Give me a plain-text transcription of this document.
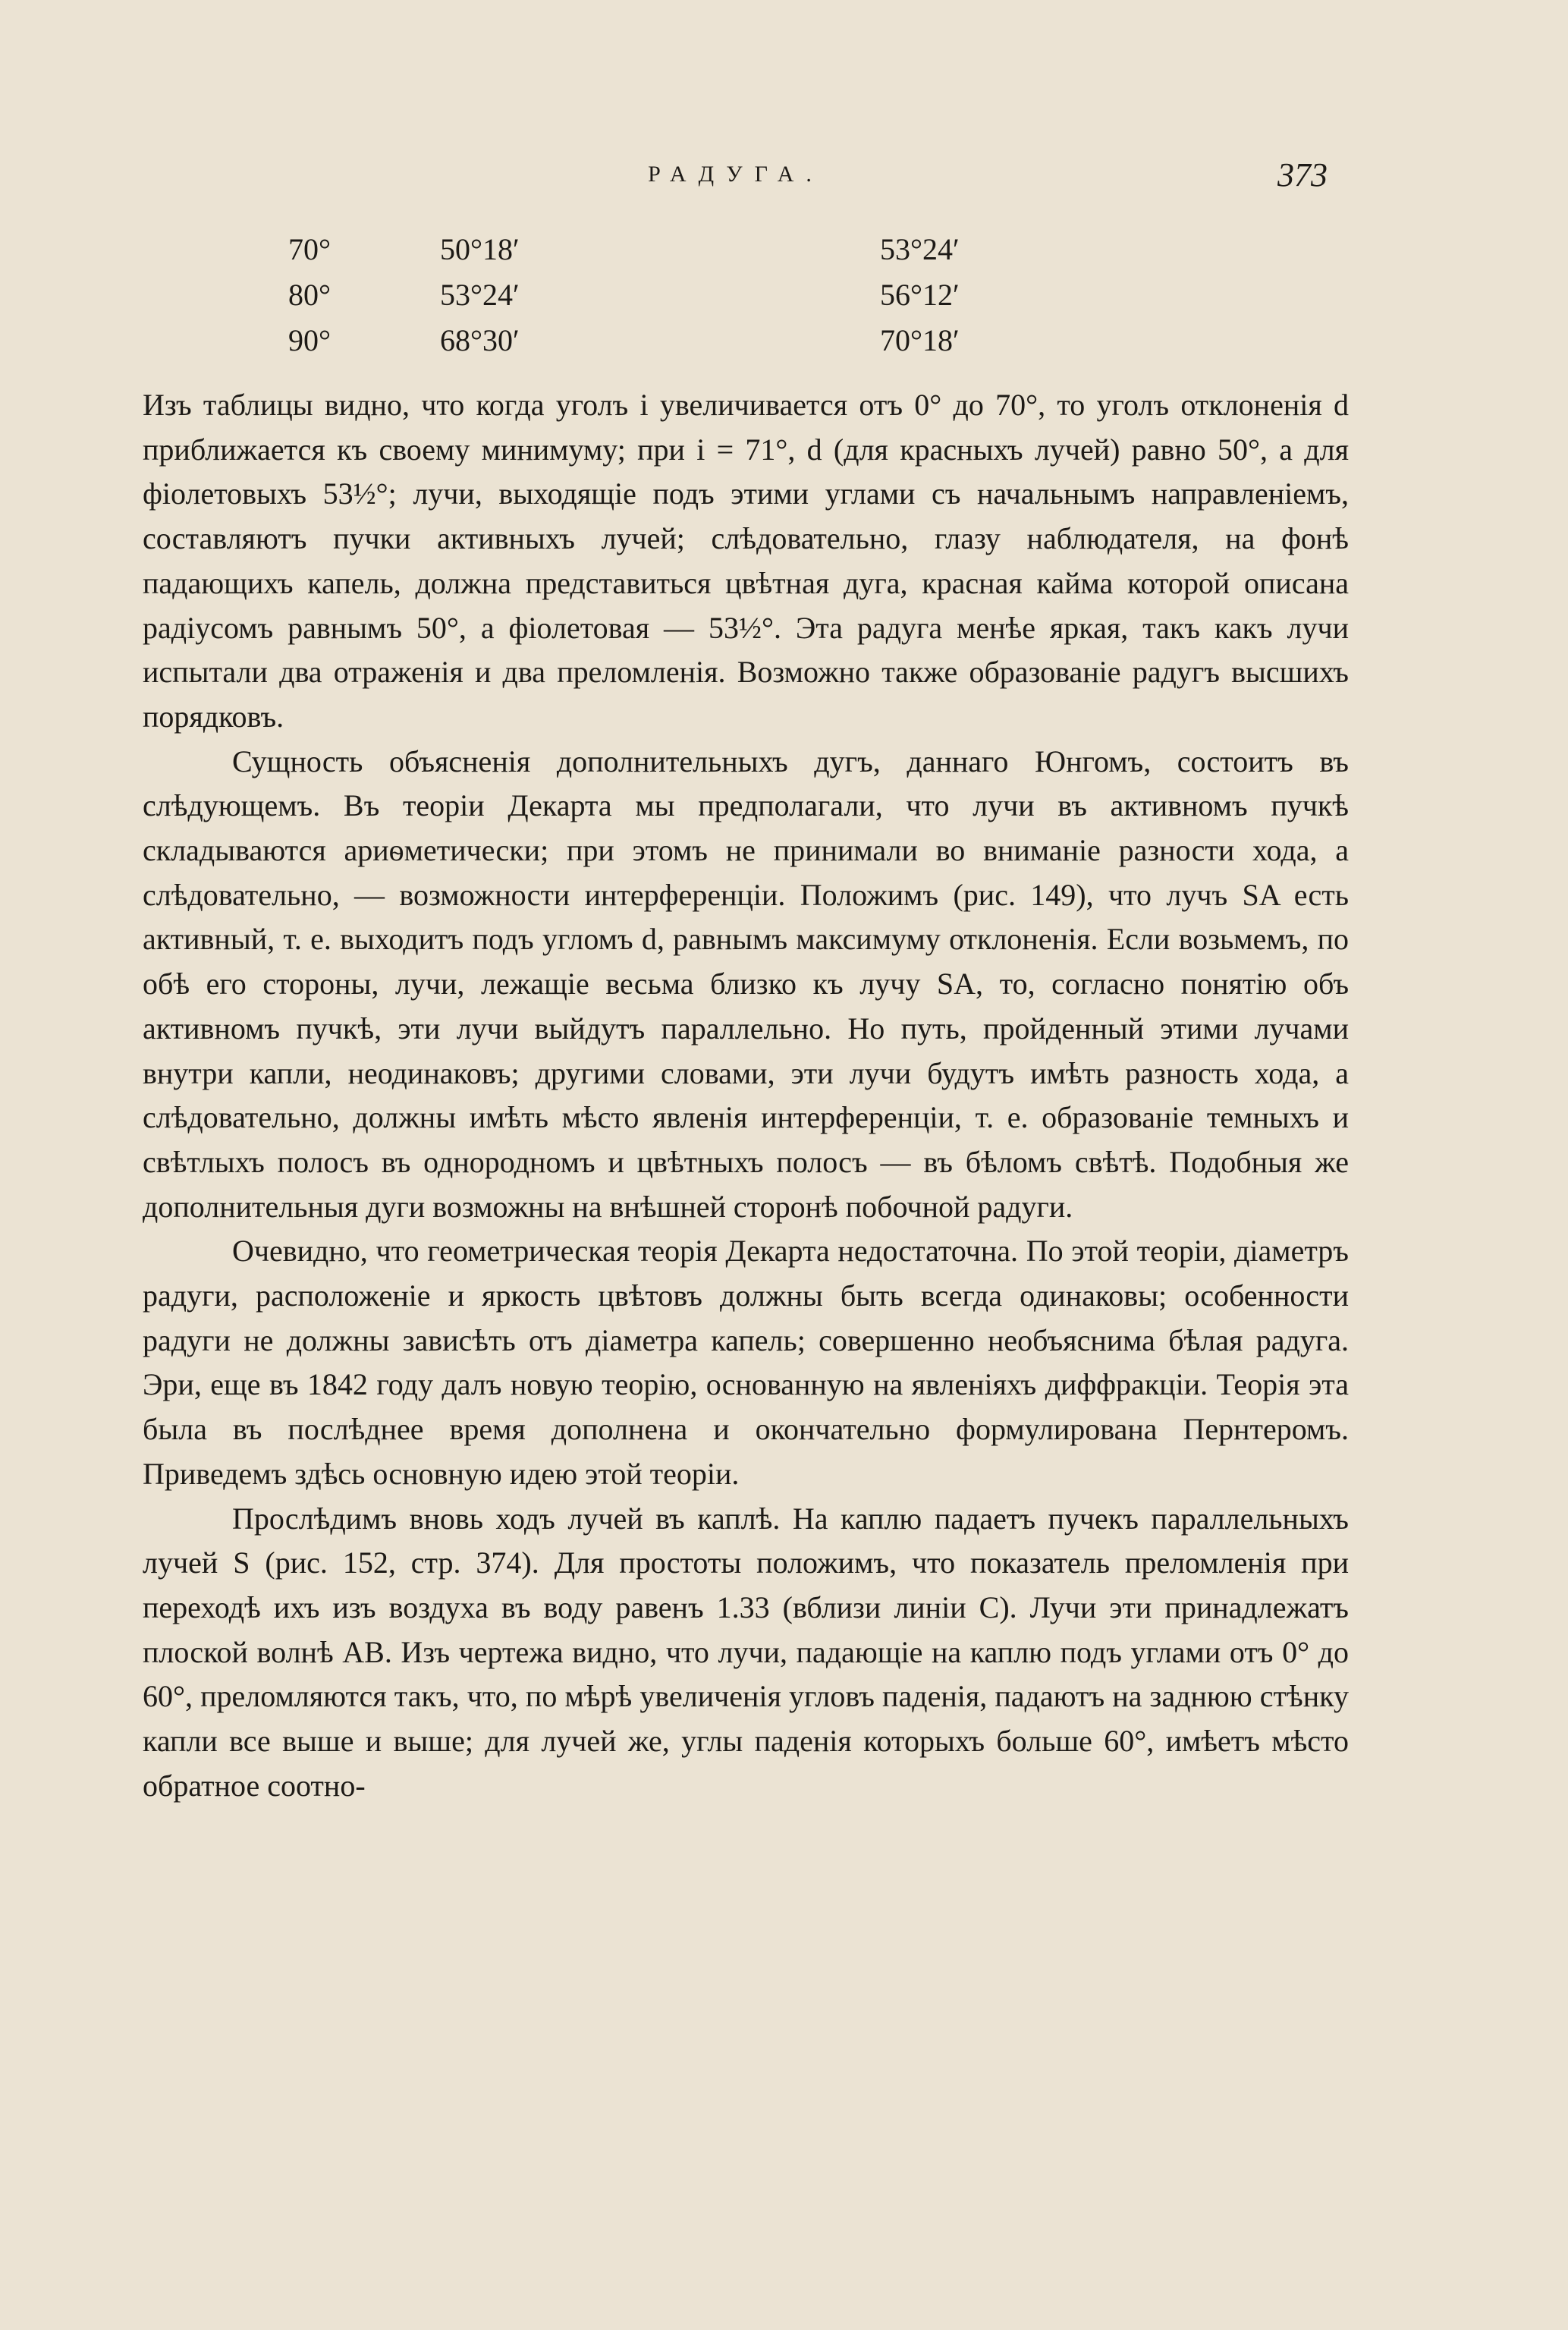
РАДУГА.	373
70°	50°18′	53°24′
80°	53°24′	56°12′
90°	68°30′	70°18′

Изъ таблицы видно, что когда уголъ i увеличивается отъ 0° до 70°, то уголъ отклоненія d приближается къ своему минимуму; при i = 71°, d (для красныхъ лучей) равно 50°, а для фіолетовыхъ 53½°; лучи, выходящіе подъ этими углами съ начальнымъ направленіемъ, составляютъ пучки активныхъ лучей; слѣдовательно, глазу наблюдателя, на фонѣ падающихъ капель, должна представиться цвѣтная дуга, красная кайма которой описана радіусомъ равнымъ 50°, а фіолетовая — 53½°. Эта радуга менѣе яркая, такъ какъ лучи испытали два отраженія и два преломленія. Возможно также образованіе радугъ высшихъ порядковъ.

Сущность объясненія дополнительныхъ дугъ, даннаго Юнгомъ, состоитъ въ слѣдующемъ. Въ теоріи Декарта мы предполагали, что лучи въ активномъ пучкѣ складываются ариѳметически; при этомъ не принимали во вниманіе разности хода, а слѣдовательно, — возможности интерференціи. Положимъ (рис. 149), что лучъ SA есть активный, т. е. выходитъ подъ угломъ d, равнымъ максимуму отклоненія. Если возьмемъ, по обѣ его стороны, лучи, лежащіе весьма близко къ лучу SA, то, согласно понятію объ активномъ пучкѣ, эти лучи выйдутъ параллельно. Но путь, пройденный этими лучами внутри капли, неодинаковъ; другими словами, эти лучи будутъ имѣть разность хода, а слѣдовательно, должны имѣть мѣсто явленія интерференціи, т. е. образованіе темныхъ и свѣтлыхъ полосъ въ однородномъ и цвѣтныхъ полосъ — въ бѣломъ свѣтѣ. Подобныя же дополнительныя дуги возможны на внѣшней сторонѣ побочной радуги.

Очевидно, что геометрическая теорія Декарта недостаточна. По этой теоріи, діаметръ радуги, расположеніе и яркость цвѣтовъ должны быть всегда одинаковы; особенности радуги не должны зависѣть отъ діаметра капель; совершенно необъяснима бѣлая радуга. Эри, еще въ 1842 году далъ новую теорію, основанную на явленіяхъ диффракціи. Теорія эта была въ послѣднее время дополнена и окончательно формулирована Пернтеромъ. Приведемъ здѣсь основную идею этой теоріи.

Прослѣдимъ вновь ходъ лучей въ каплѣ. На каплю падаетъ пучекъ параллельныхъ лучей S (рис. 152, стр. 374). Для простоты положимъ, что показатель преломленія при переходѣ ихъ изъ воздуха въ воду равенъ 1.33 (вблизи линіи C). Лучи эти принадлежатъ плоской волнѣ AB. Изъ чертежа видно, что лучи, падающіе на каплю подъ углами отъ 0° до 60°, преломляются такъ, что, по мѣрѣ увеличенія угловъ паденія, падаютъ на заднюю стѣнку капли все выше и выше; для лучей же, углы паденія которыхъ больше 60°, имѣетъ мѣсто обратное соотно-
